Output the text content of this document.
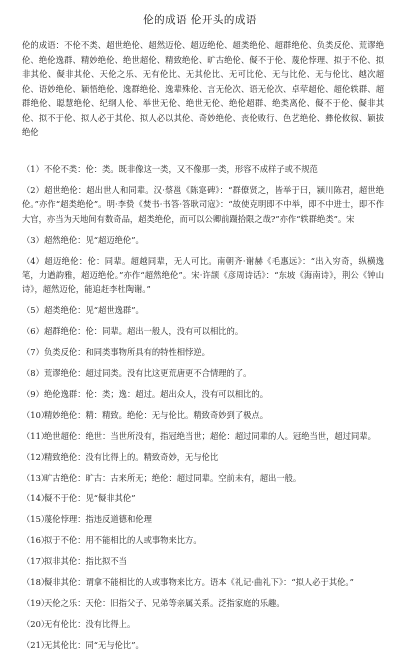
伦的成语 伦开头的成语
伦的成语：不伦不类、超世绝伦、超然迈伦、超迈绝伦、超类绝伦、超群绝伦、负类反伦、荒谬绝伦、绝伦逸群、精妙绝伦、绝世超伦、精致绝伦、旷古绝伦、儗不于伦、蔑伦悖理、拟于不伦、拟非其伦、儗非其伦、天伦之乐、无有伦比、无其伦比、无可比伦、无与比伦、无与伦比、越次超伦、语妙绝伦、颖悟绝伦、逸群绝伦、逸辈殊伦、言无伦次、语无伦次、卓荦超伦、超伦轶群、超群绝伦、聪慧绝伦、纪纲人伦、举世无伦、绝世无伦、绝伦超群、绝类离伦、儗不于伦、儗非其伦、拟不于伦、拟人必于其伦、拟人必以其伦、奇妙绝伦、丧伦败行、色艺绝伦、彝伦攸叙、颖拔绝伦
（1）不伦不类：伦：类。既非像这一类，又不像那一类，形容不成样子或不规范
（2）超世绝伦：超出世人和同辈。汉·蔡邕《陈寔碑》：“群僚贤之，皆举于曰，颍川陈君，超世绝伦。”亦作“超类绝伦”。明·李贽《焚书·书答·答耿司寇》：“故使克明即不中举，即不中进士，即不作大官，亦当为天地间有数奇品，超类绝伦，而可以公卿前蹑拾限之哉?”亦作“轶群绝类”。宋
（3）超然绝伦：见“超迈绝伦”。
（4）超迈绝伦：伦：同辈。超越同辈，无人可比。南朝齐·谢赫《毛惠远》：“出入穷奇，纵横逸笔，力遒韵雅，超迈绝伦。”亦作“超然绝伦”。宋·许颉《彦周诗话》：“东坡《海南诗》，荆公《钟山诗》，超然迈伦，能追赶李杜陶谢。”
（5）超类绝伦：见“超世逸群”。
（6）超群绝伦：伦：同辈。超出一般人，没有可以相比的。
（7）负类反伦：和同类事物所具有的特性相悖逆。
（8）荒谬绝伦：超过同类。没有比这更荒唐更不合情理的了。
（9）绝伦逸群：伦：类；逸：超过。超出众人，没有可以相比的。
（10）精妙绝伦：精：精致。绝伦：无与伦比。精致奇妙到了极点。
（11）绝世超伦：绝世：当世所没有，指冠绝当世；超伦：超过同辈的人。冠绝当世，超过同辈。
（12）精致绝伦：没有比得上的。精致奇妙，无与伦比
（13）旷古绝伦：旷古：古来所无；绝伦：超过同辈。空前未有，超出一般。
（14）儗不于伦：见“儗非其伦”
（15）蔑伦悖理：指违反道德和伦理
（16）拟于不伦：用不能相比的人或事物来比方。
（17）拟非其伦：指比拟不当
（18）儗非其伦：谓拿不能相比的人或事物来比方。语本《礼记·曲礼下》：“拟人必于其伦。”
（19）天伦之乐：天伦：旧指父子、兄弟等亲属关系。泛指家庭的乐趣。
（20）无有伦比：没有比得上。
（21）无其伦比：同“无与伦比”。
